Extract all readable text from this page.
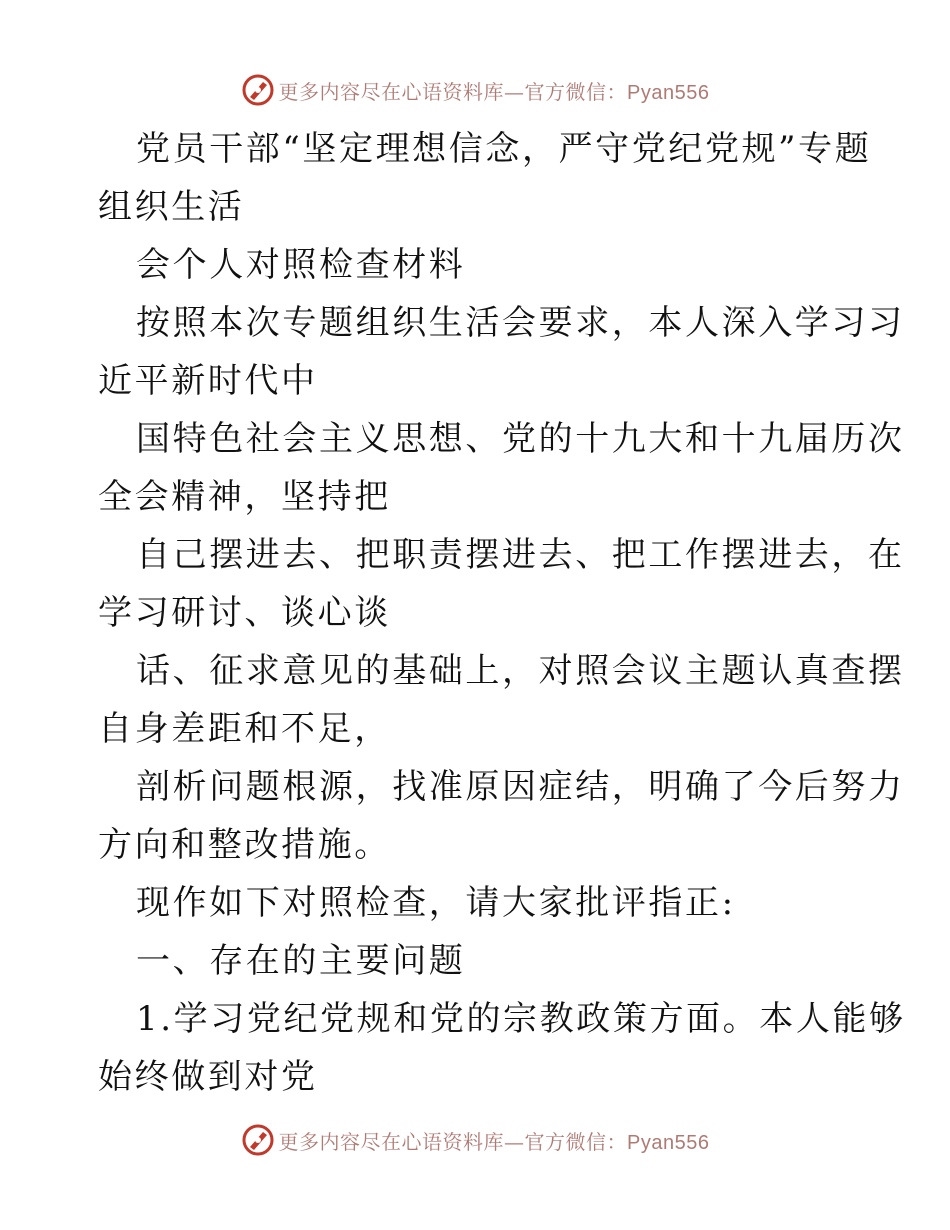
更多内容尽在心语资料库—官方微信：Pyan556

党员干部“坚定理想信念，严守党纪党规”专题
组织生活

会个人对照检查材料

按照本次专题组织生活会要求，本人深入学习习
近平新时代中

国特色社会主义思想、党的十九大和十九届历次
全会精神，坚持把

自己摆进去、把职责摆进去、把工作摆进去，在
学习研讨、谈心谈

话、征求意见的基础上，对照会议主题认真查摆
自身差距和不足，

剖析问题根源，找准原因症结，明确了今后努力
方向和整改措施。

现作如下对照检查，请大家批评指正:

一、存在的主要问题

1.学习党纪党规和党的宗教政策方面。本人能够
始终做到对党

更多内容尽在心语资料库—官方微信：Pyan556
